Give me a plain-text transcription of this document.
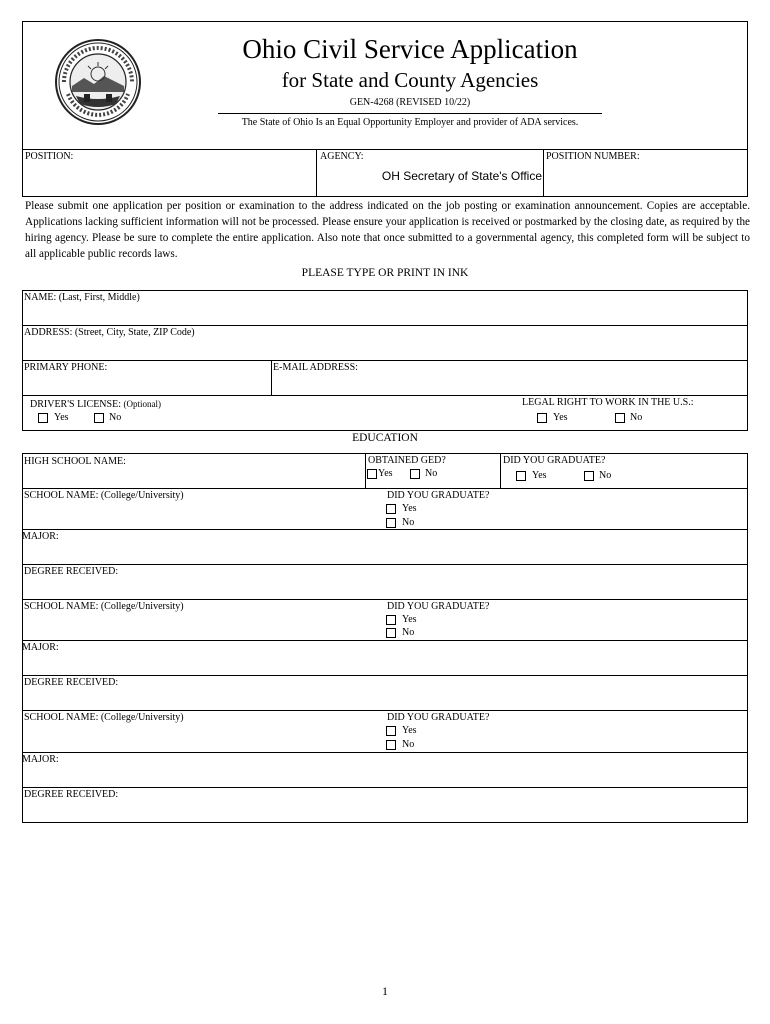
Ohio Civil Service Application
for State and County Agencies
GEN-4268 (REVISED 10/22)
The State of Ohio Is an Equal Opportunity Employer and provider of ADA services.
POSITION:	AGENCY:
OH Secretary of State's Office
POSITION NUMBER:
Please submit one application per position or examination to the address indicated on the job posting or examination announcement. Copies are acceptable. Applications lacking sufficient information will not be processed. Please ensure your application is received or postmarked by the closing date, as required by the hiring agency. Please be sure to complete the entire application. Also note that once submitted to a governmental agency, this completed form will be subject to all applicable public records laws.
PLEASE TYPE OR PRINT IN INK
NAME: (Last, First, Middle)
ADDRESS: (Street, City, State, ZIP Code)
PRIMARY PHONE:	E-MAIL ADDRESS:
DRIVER'S LICENSE: (Optional)
Yes	No
LEGAL RIGHT TO WORK IN THE U.S.:
Yes	No
EDUCATION
HIGH SCHOOL NAME:	OBTAINED GED?
Yes	No
DID YOU GRADUATE?
Yes	No
SCHOOL NAME: (College/University)	DID YOU GRADUATE?
Yes
No
MAJOR:
DEGREE RECEIVED:
SCHOOL NAME: (College/University)	DID YOU GRADUATE?
Yes
No
MAJOR:
DEGREE RECEIVED:
SCHOOL NAME: (College/University)	DID YOU GRADUATE?
Yes
No
MAJOR:
DEGREE RECEIVED:
1
